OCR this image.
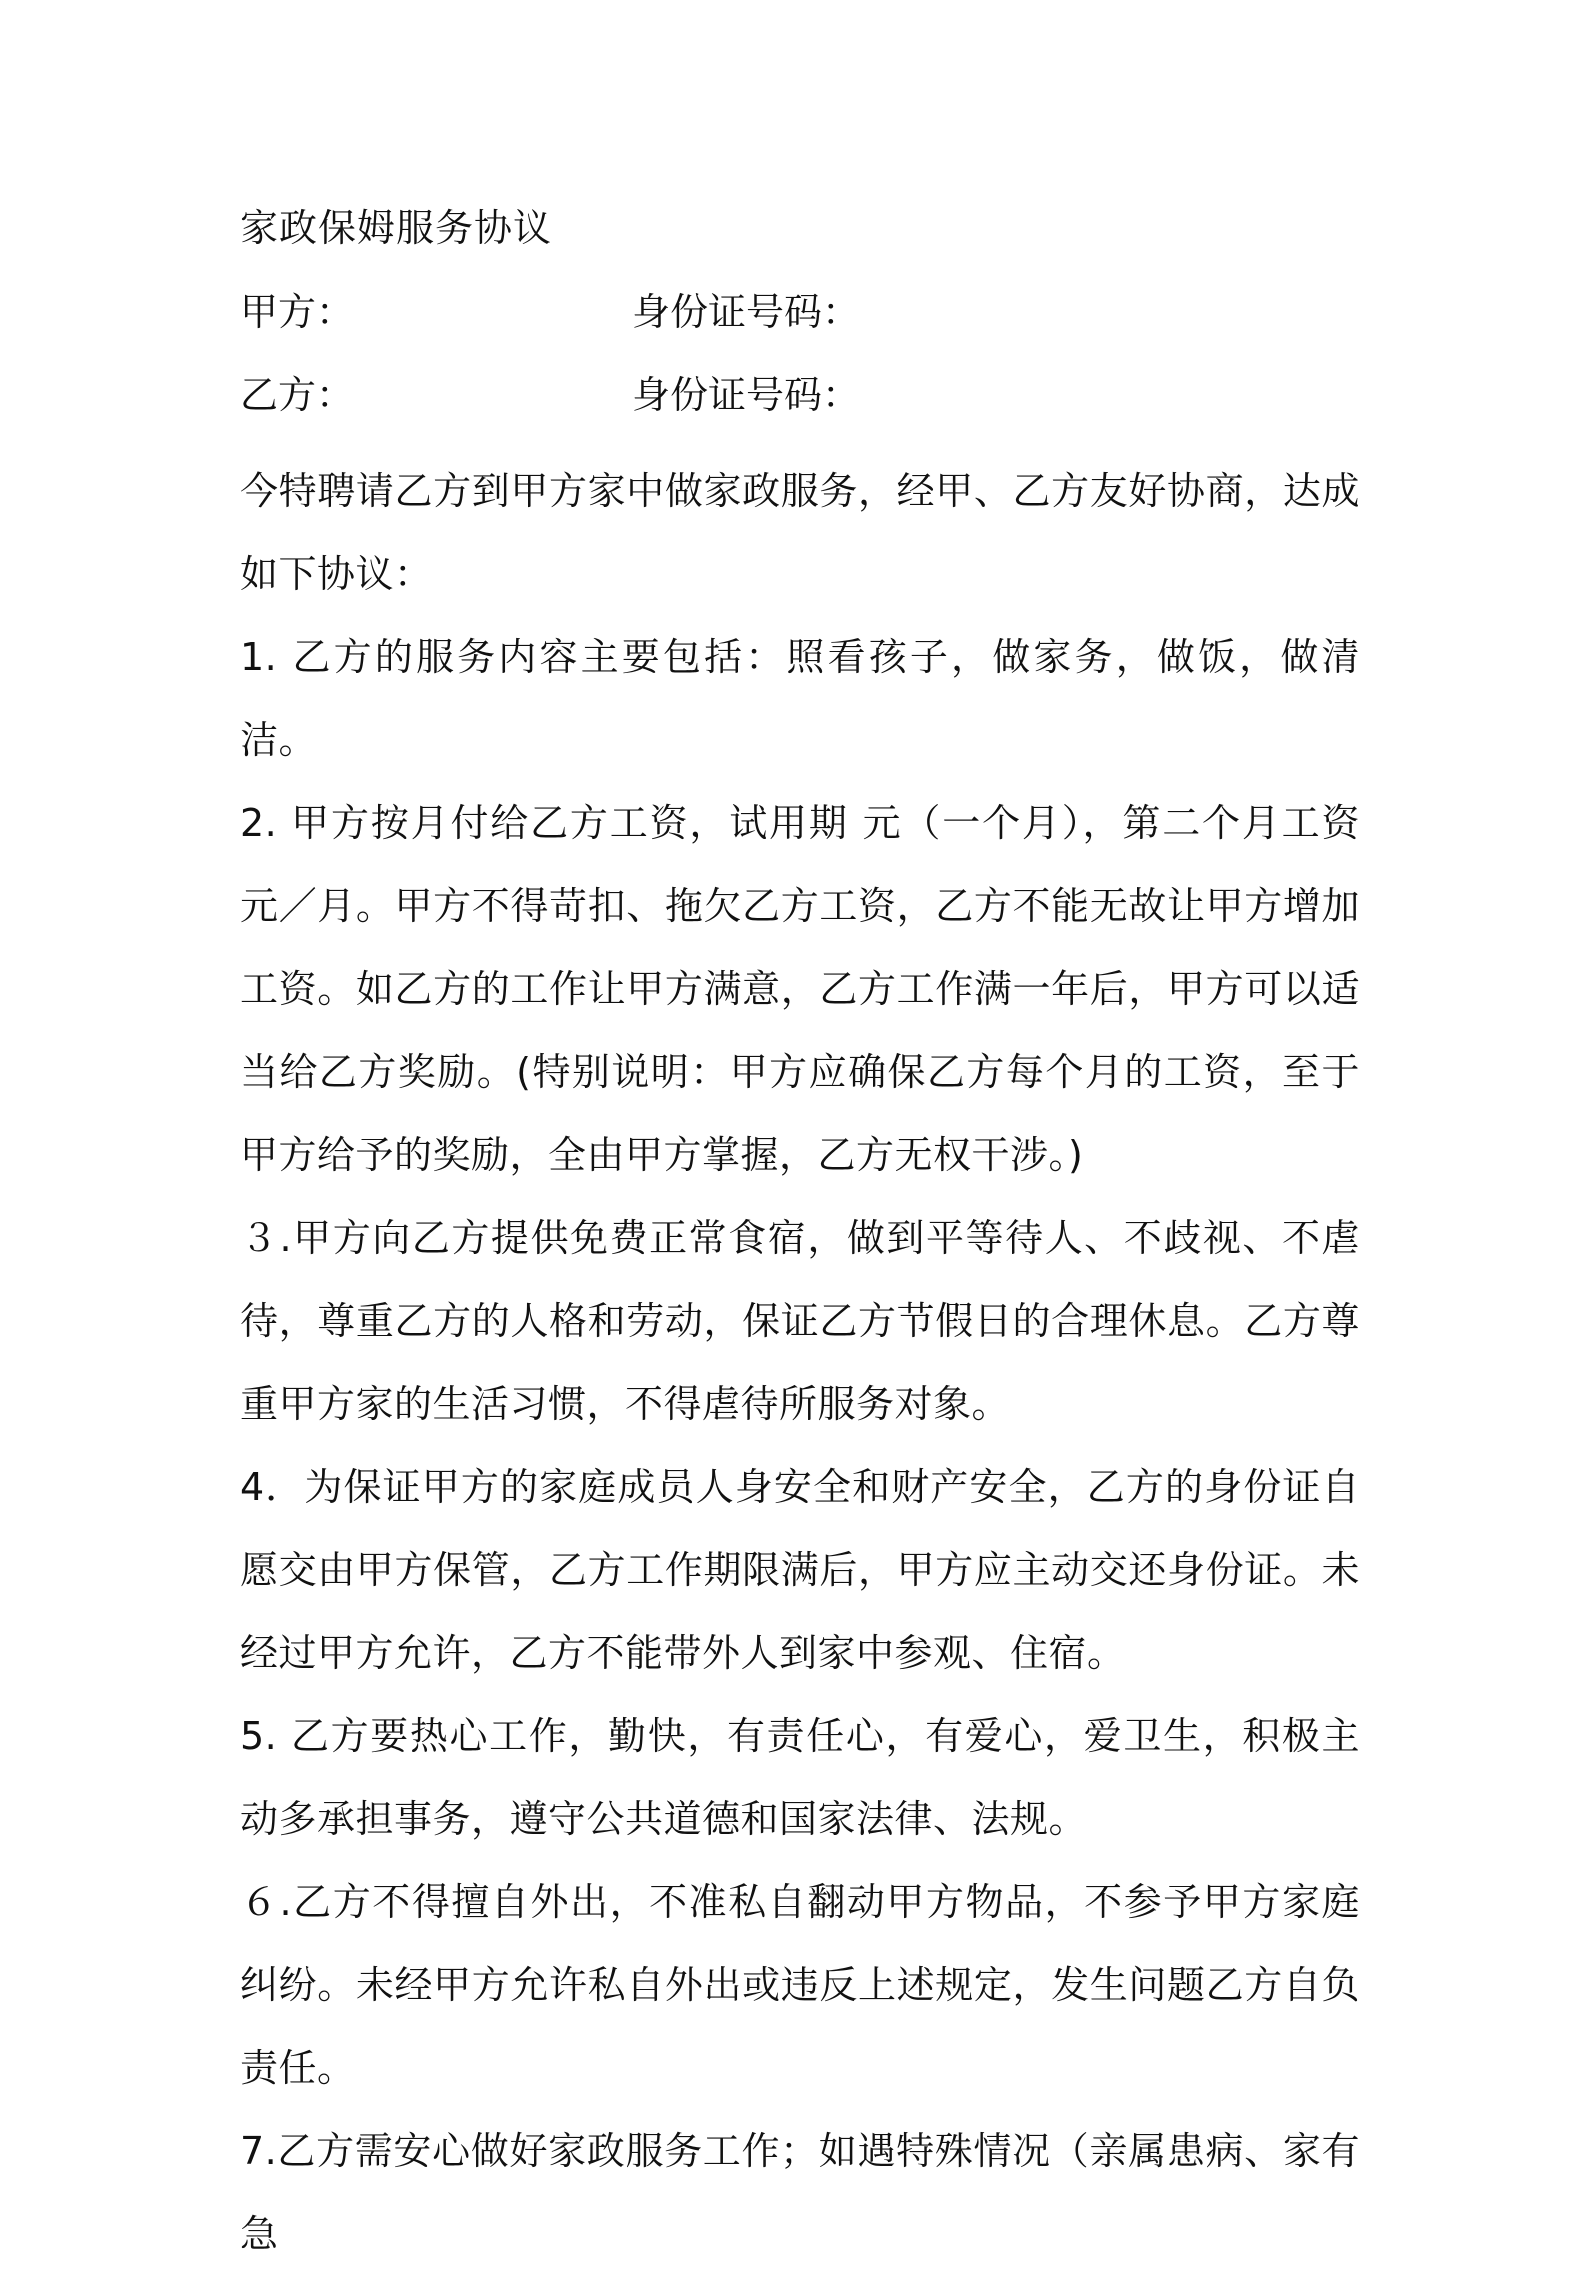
家政保姆服务协议
甲方：	身份证号码：
乙方：	身份证号码：

今特聘请乙方到甲方家中做家政服务，经甲、乙方友好协商，达成如下协议：

1. 乙方的服务内容主要包括：照看孩子，做家务，做饭，做清洁。

2. 甲方按月付给乙方工资，试用期 元（一个月），第二个月工资 元／月。甲方不得苛扣、拖欠乙方工资，乙方不能无故让甲方增加工资。如乙方的工作让甲方满意，乙方工作满一年后，甲方可以适当给乙方奖励。(特别说明：甲方应确保乙方每个月的工资，至于甲方给予的奖励，全由甲方掌握，乙方无权干涉。)

３.甲方向乙方提供免费正常食宿，做到平等待人、不歧视、不虐待，尊重乙方的人格和劳动，保证乙方节假日的合理休息。乙方尊重甲方家的生活习惯，不得虐待所服务对象。

4．为保证甲方的家庭成员人身安全和财产安全，乙方的身份证自愿交由甲方保管，乙方工作期限满后，甲方应主动交还身份证。未经过甲方允许，乙方不能带外人到家中参观、住宿。

5. 乙方要热心工作，勤快，有责任心，有爱心，爱卫生，积极主动多承担事务，遵守公共道德和国家法律、法规。

６.乙方不得擅自外出，不准私自翻动甲方物品，不参予甲方家庭纠纷。未经甲方允许私自外出或违反上述规定，发生问题乙方自负责任。

7.乙方需安心做好家政服务工作；如遇特殊情况（亲属患病、家有急
